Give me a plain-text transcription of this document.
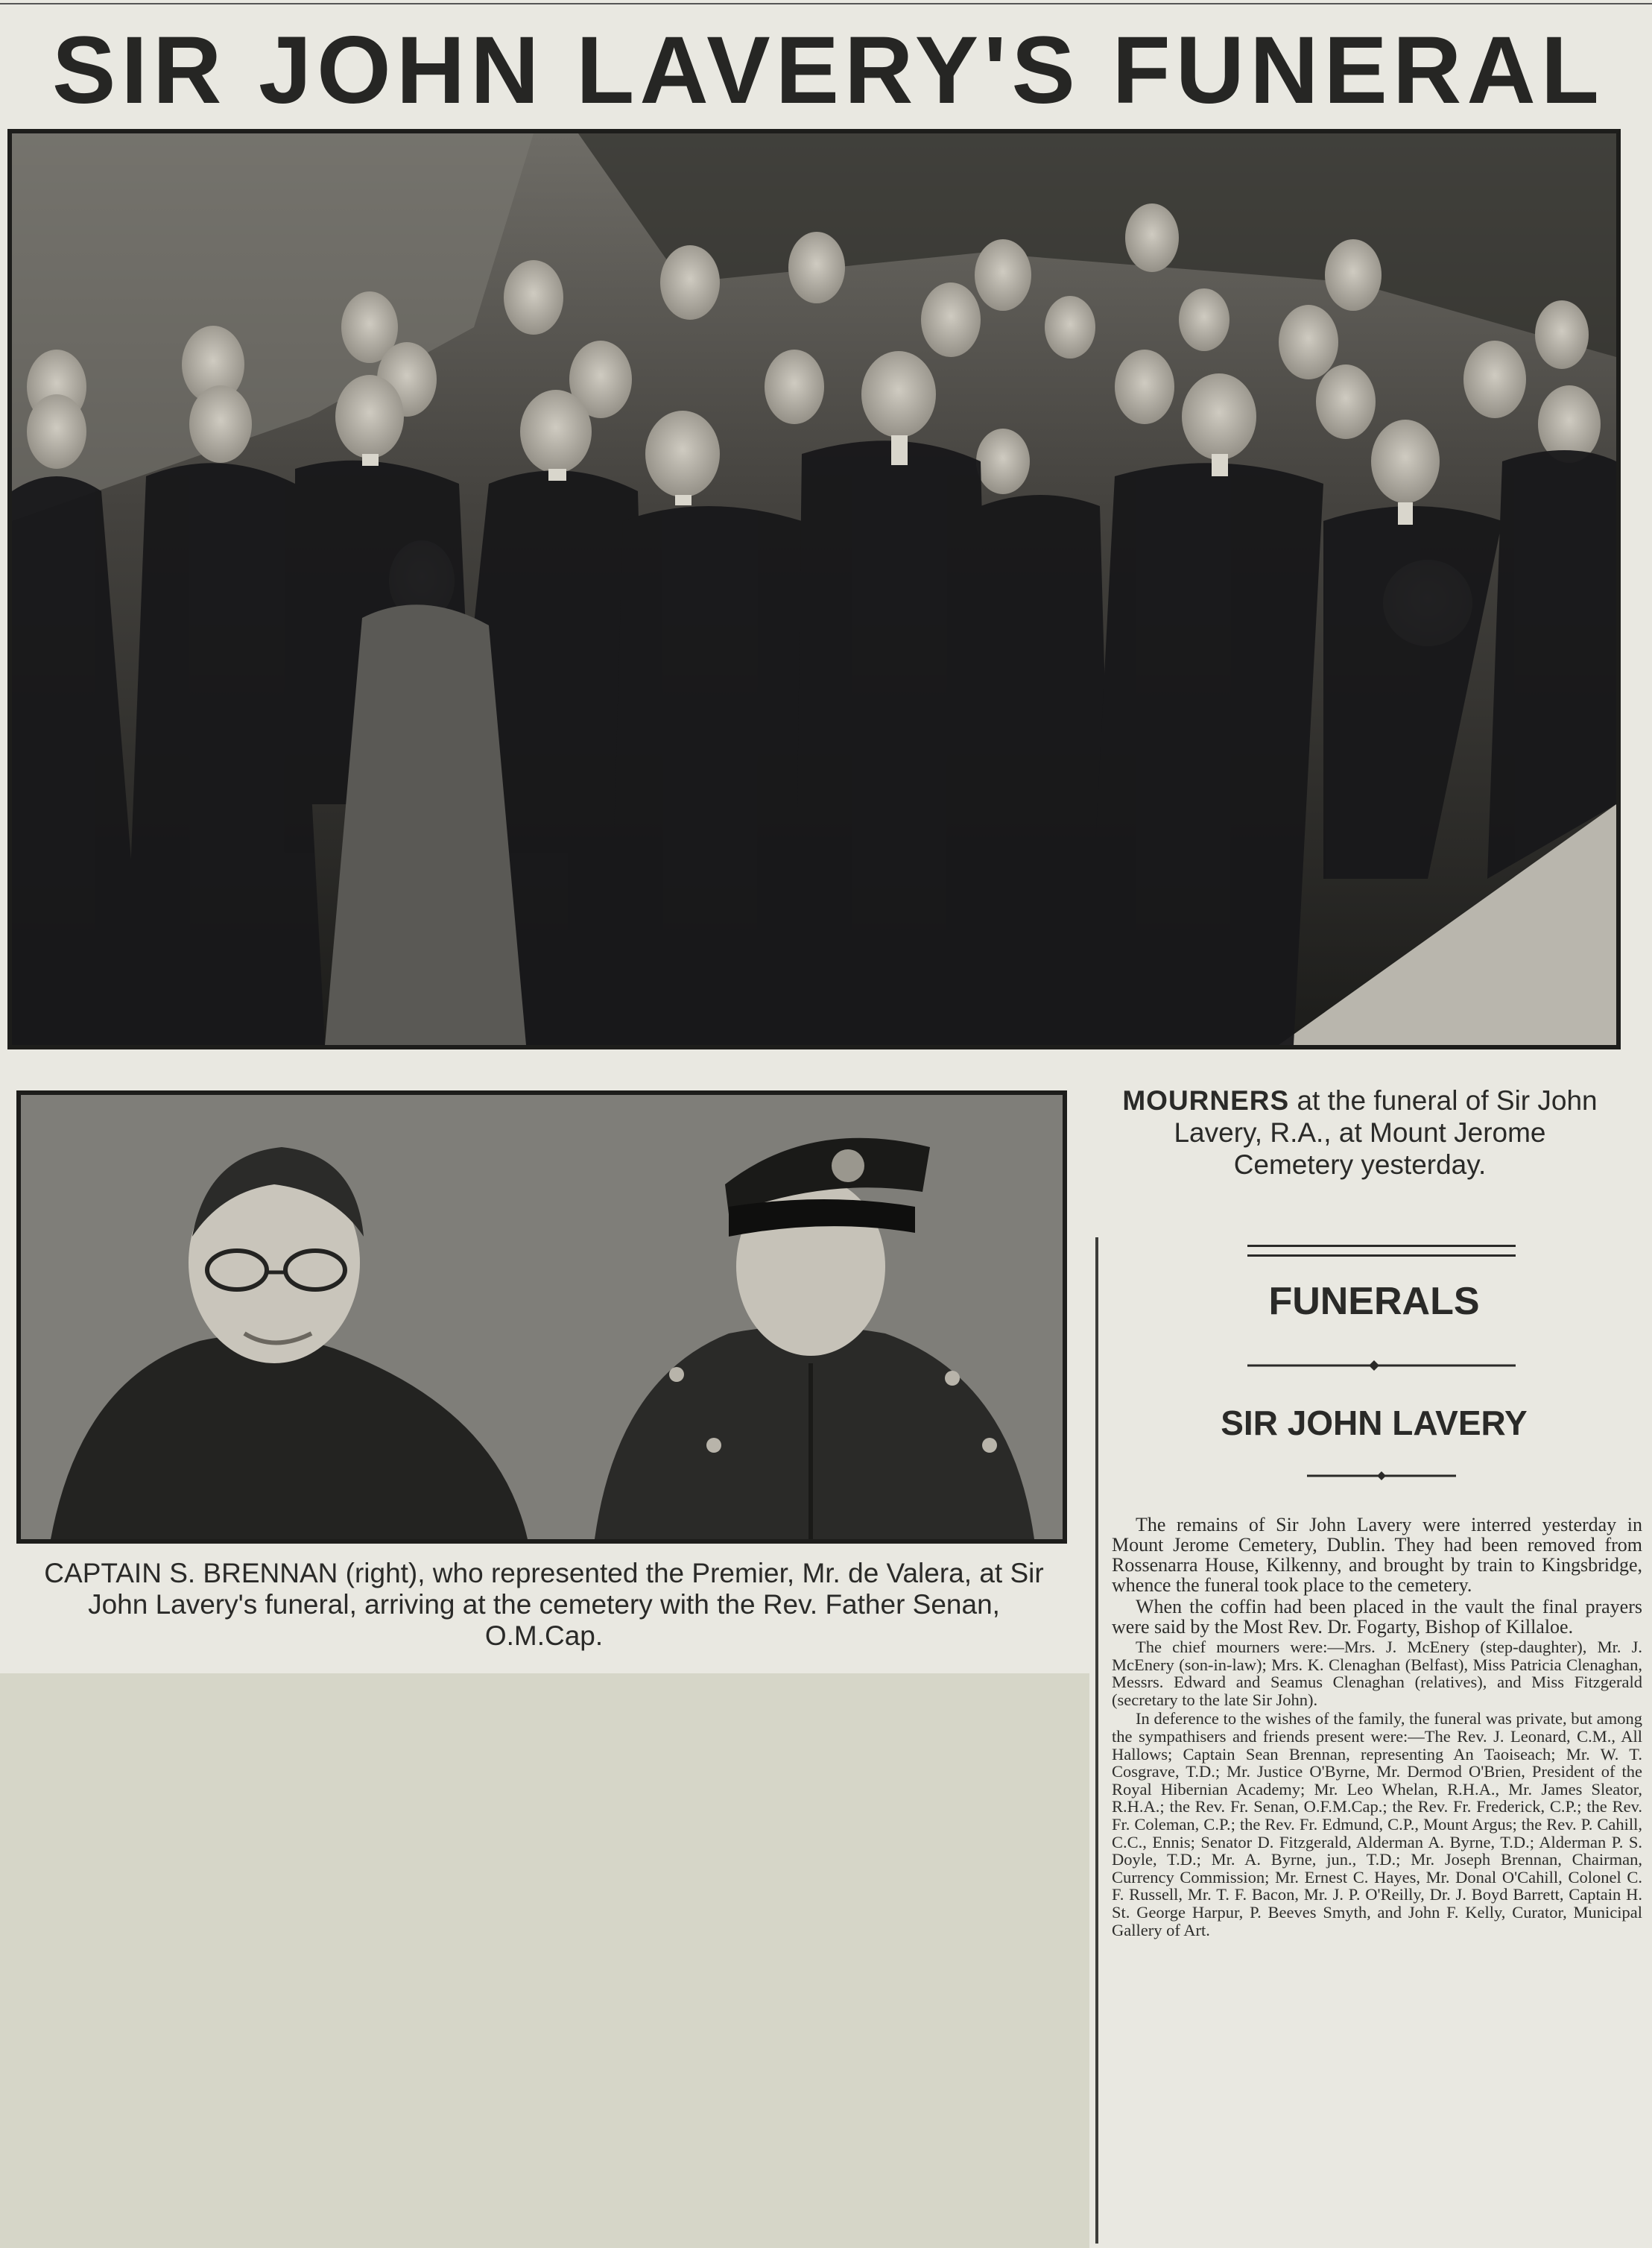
SIR JOHN LAVERY'S FUNERAL
MOURNERS at the funeral of Sir John Lavery, R.A., at Mount Jerome Cemetery yesterday.
CAPTAIN S. BRENNAN (right), who represented the Premier, Mr. de Valera, at Sir John Lavery's funeral, arriving at the cemetery with the Rev. Father Senan, O.M.Cap.
FUNERALS
SIR JOHN LAVERY

The remains of Sir John Lavery were interred yesterday in Mount Jerome Cemetery, Dublin. They had been removed from Rossenarra House, Kilkenny, and brought by train to Kingsbridge, whence the funeral took place to the cemetery.

When the coffin had been placed in the vault the final prayers were said by the Most Rev. Dr. Fogarty, Bishop of Killaloe.

The chief mourners were:—Mrs. J. McEnery (step-daughter), Mr. J. McEnery (son-in-law); Mrs. K. Clenaghan (Belfast), Miss Patricia Clenaghan, Messrs. Edward and Seamus Clenaghan (relatives), and Miss Fitzgerald (secretary to the late Sir John).

In deference to the wishes of the family, the funeral was private, but among the sympathisers and friends present were:—The Rev. J. Leonard, C.M., All Hallows; Captain Sean Brennan, representing An Taoiseach; Mr. W. T. Cosgrave, T.D.; Mr. Justice O'Byrne, Mr. Dermod O'Brien, President of the Royal Hibernian Academy; Mr. Leo Whelan, R.H.A., Mr. James Sleator, R.H.A.; the Rev. Fr. Senan, O.F.M.Cap.; the Rev. Fr. Frederick, C.P.; the Rev. Fr. Coleman, C.P.; the Rev. Fr. Edmund, C.P., Mount Argus; the Rev. P. Cahill, C.C., Ennis; Senator D. Fitzgerald, Alderman A. Byrne, T.D.; Alderman P. S. Doyle, T.D.; Mr. A. Byrne, jun., T.D.; Mr. Joseph Brennan, Chairman, Currency Commission; Mr. Ernest C. Hayes, Mr. Donal O'Cahill, Colonel C. F. Russell, Mr. T. F. Bacon, Mr. J. P. O'Reilly, Dr. J. Boyd Barrett, Captain H. St. George Harpur, P. Beeves Smyth, and John F. Kelly, Curator, Municipal Gallery of Art.
